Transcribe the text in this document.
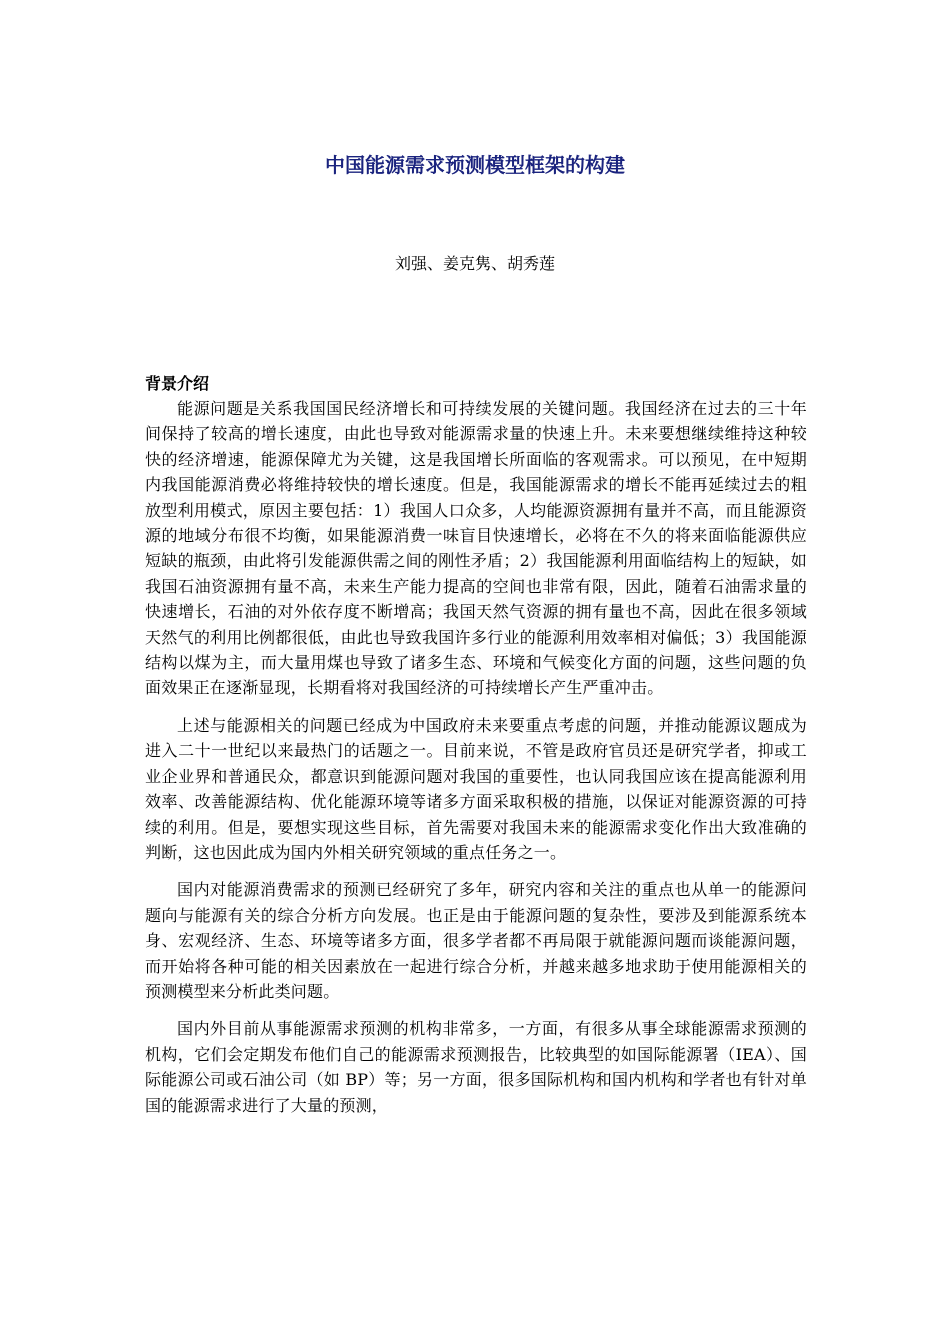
中国能源需求预测模型框架的构建
刘强、姜克隽、胡秀莲
背景介绍

能源问题是关系我国国民经济增长和可持续发展的关键问题。我国经济在过去的三十年间保持了较高的增长速度，由此也导致对能源需求量的快速上升。未来要想继续维持这种较快的经济增速，能源保障尤为关键，这是我国增长所面临的客观需求。可以预见，在中短期内我国能源消费必将维持较快的增长速度。但是，我国能源需求的增长不能再延续过去的粗放型利用模式，原因主要包括：1）我国人口众多，人均能源资源拥有量并不高，而且能源资源的地域分布很不均衡，如果能源消费一味盲目快速增长，必将在不久的将来面临能源供应短缺的瓶颈，由此将引发能源供需之间的刚性矛盾；2）我国能源利用面临结构上的短缺，如我国石油资源拥有量不高，未来生产能力提高的空间也非常有限，因此，随着石油需求量的快速增长，石油的对外依存度不断增高；我国天然气资源的拥有量也不高，因此在很多领域天然气的利用比例都很低，由此也导致我国许多行业的能源利用效率相对偏低；3）我国能源结构以煤为主，而大量用煤也导致了诸多生态、环境和气候变化方面的问题，这些问题的负面效果正在逐渐显现，长期看将对我国经济的可持续增长产生严重冲击。

上述与能源相关的问题已经成为中国政府未来要重点考虑的问题，并推动能源议题成为进入二十一世纪以来最热门的话题之一。目前来说，不管是政府官员还是研究学者，抑或工业企业界和普通民众，都意识到能源问题对我国的重要性，也认同我国应该在提高能源利用效率、改善能源结构、优化能源环境等诸多方面采取积极的措施，以保证对能源资源的可持续的利用。但是，要想实现这些目标，首先需要对我国未来的能源需求变化作出大致准确的判断，这也因此成为国内外相关研究领域的重点任务之一。

国内对能源消费需求的预测已经研究了多年，研究内容和关注的重点也从单一的能源问题向与能源有关的综合分析方向发展。也正是由于能源问题的复杂性，要涉及到能源系统本身、宏观经济、生态、环境等诸多方面，很多学者都不再局限于就能源问题而谈能源问题，而开始将各种可能的相关因素放在一起进行综合分析，并越来越多地求助于使用能源相关的预测模型来分析此类问题。

国内外目前从事能源需求预测的机构非常多，一方面，有很多从事全球能源需求预测的机构，它们会定期发布他们自己的能源需求预测报告，比较典型的如国际能源署（IEA）、国际能源公司或石油公司（如 BP）等；另一方面，很多国际机构和国内机构和学者也有针对单国的能源需求进行了大量的预测，
